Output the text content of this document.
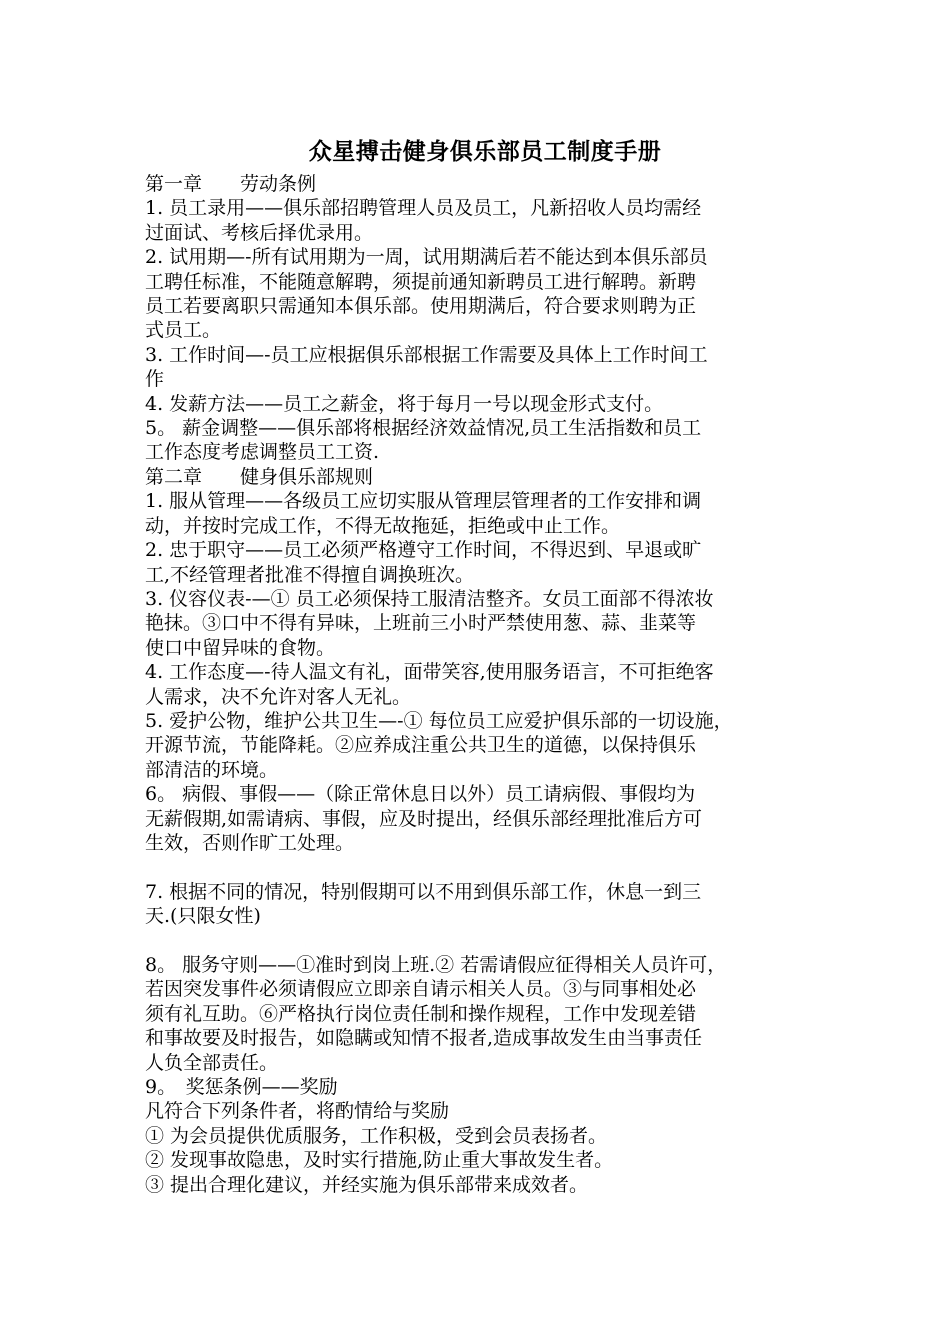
众星搏击健身俱乐部员工制度手册
第一章　　劳动条例
1. 员工录用——俱乐部招聘管理人员及员工，凡新招收人员均需经
过面试、考核后择优录用。
2. 试用期—-所有试用期为一周，试用期满后若不能达到本俱乐部员
工聘任标准，不能随意解聘，须提前通知新聘员工进行解聘。新聘
员工若要离职只需通知本俱乐部。使用期满后，符合要求则聘为正
式员工。
3. 工作时间—-员工应根据俱乐部根据工作需要及具体上工作时间工
作
4. 发薪方法——员工之薪金，将于每月一号以现金形式支付。
5。 薪金调整——俱乐部将根据经济效益情况,员工生活指数和员工
工作态度考虑调整员工工资.
第二章　　健身俱乐部规则
1. 服从管理——各级员工应切实服从管理层管理者的工作安排和调
动，并按时完成工作，不得无故拖延，拒绝或中止工作。
2. 忠于职守——员工必须严格遵守工作时间，不得迟到、早退或旷
工,不经管理者批准不得擅自调换班次。
3. 仪容仪表-—① 员工必须保持工服清洁整齐。女员工面部不得浓妆
艳抹。③口中不得有异味，上班前三小时严禁使用葱、蒜、韭菜等
使口中留异味的食物。
4. 工作态度—-待人温文有礼，面带笑容,使用服务语言，不可拒绝客
人需求，决不允许对客人无礼。
5. 爱护公物，维护公共卫生—-① 每位员工应爱护俱乐部的一切设施，
开源节流，节能降耗。②应养成注重公共卫生的道德，以保持俱乐
部清洁的环境。
6。 病假、事假——（除正常休息日以外）员工请病假、事假均为
无薪假期,如需请病、事假，应及时提出，经俱乐部经理批准后方可
生效，否则作旷工处理。
7. 根据不同的情况，特别假期可以不用到俱乐部工作，休息一到三
天.(只限女性)
8。 服务守则——①准时到岗上班.② 若需请假应征得相关人员许可，
若因突发事件必须请假应立即亲自请示相关人员。③与同事相处必
须有礼互助。⑥严格执行岗位责任制和操作规程，工作中发现差错
和事故要及时报告，如隐瞒或知情不报者,造成事故发生由当事责任
人负全部责任。
9。　奖惩条例——奖励
凡符合下列条件者，将酌情给与奖励
① 为会员提供优质服务，工作积极，受到会员表扬者。
② 发现事故隐患，及时实行措施,防止重大事故发生者。
③ 提出合理化建议，并经实施为俱乐部带来成效者。
